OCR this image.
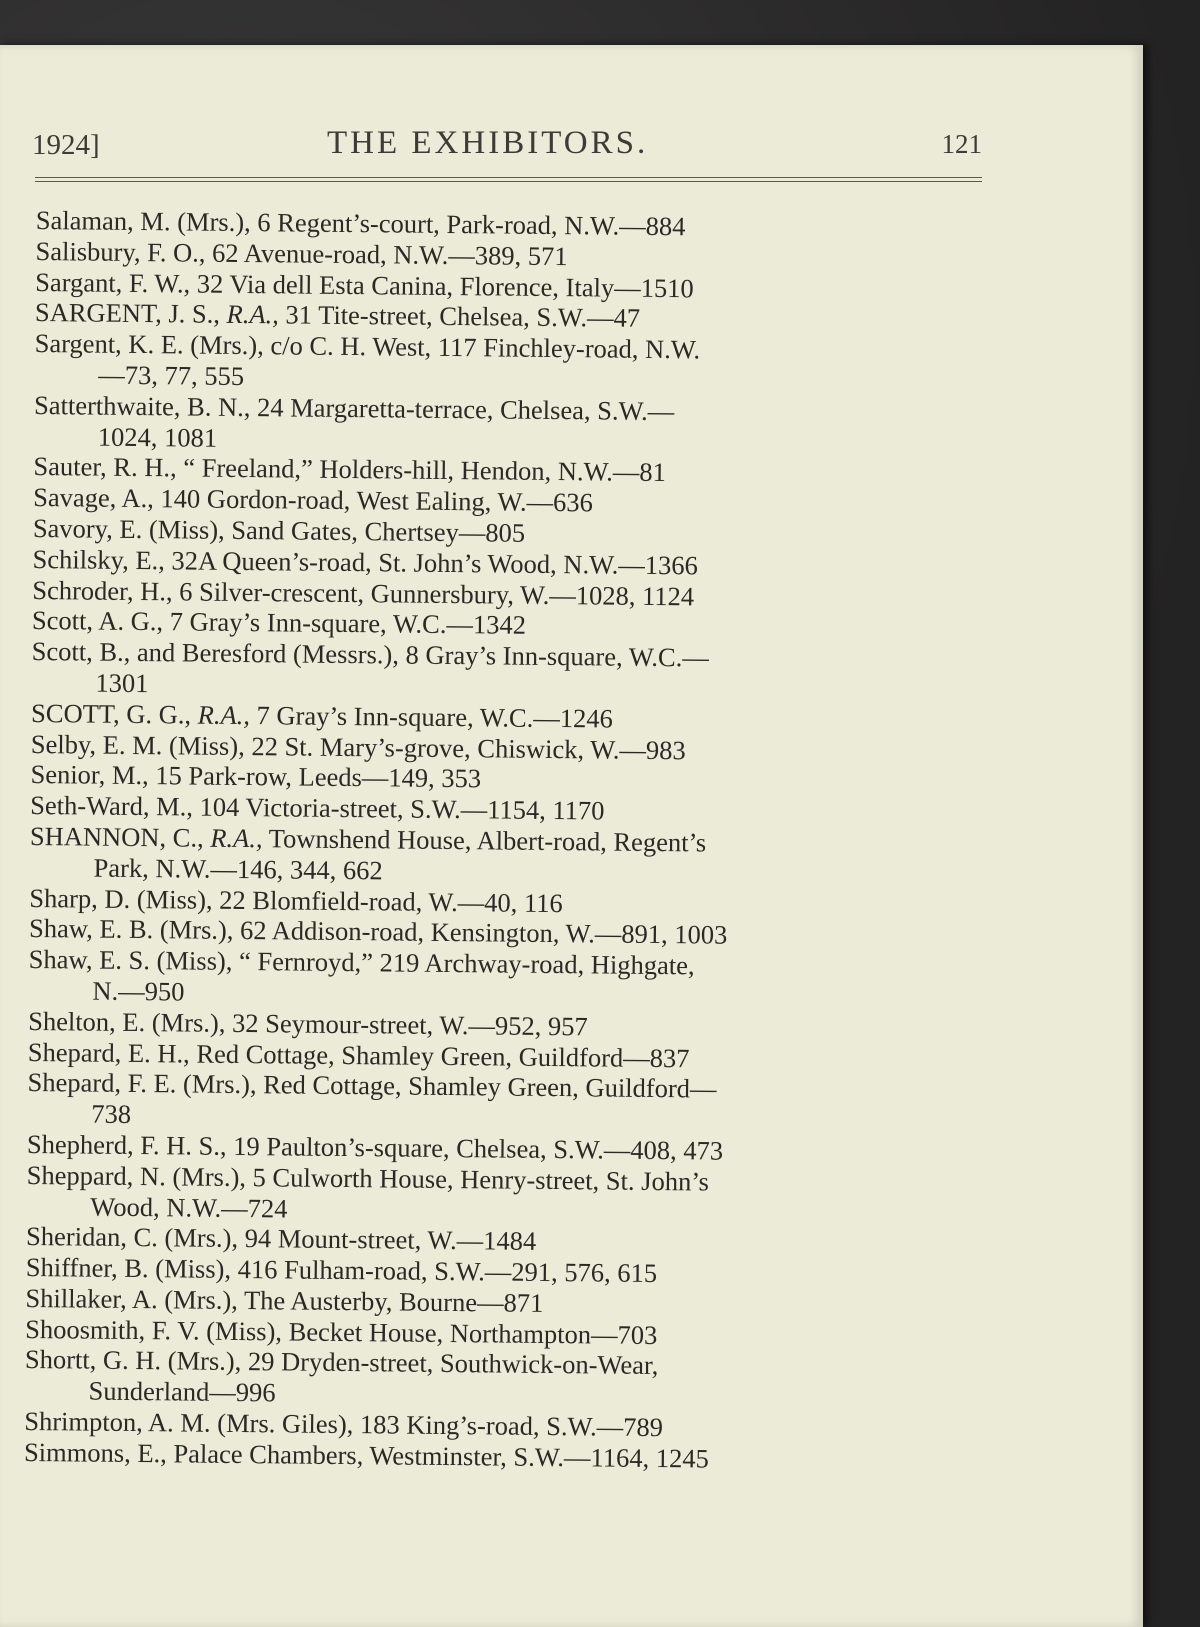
1924]	THE EXHIBITORS.	121
Salaman, M. (Mrs.), 6 Regent’s-court, Park-road, N.W.—884
Salisbury, F. O., 62 Avenue-road, N.W.—389, 571
Sargant, F. W., 32 Via dell Esta Canina, Florence, Italy—1510
SARGENT, J. S., R.A., 31 Tite-street, Chelsea, S.W.—47
Sargent, K. E. (Mrs.), c/o C. H. West, 117 Finchley-road, N.W.
—73, 77, 555
Satterthwaite, B. N., 24 Margaretta-terrace, Chelsea, S.W.—
1024, 1081
Sauter, R. H., “ Freeland,” Holders-hill, Hendon, N.W.—81
Savage, A., 140 Gordon-road, West Ealing, W.—636
Savory, E. (Miss), Sand Gates, Chertsey—805
Schilsky, E., 32A Queen’s-road, St. John’s Wood, N.W.—1366
Schroder, H., 6 Silver-crescent, Gunnersbury, W.—1028, 1124
Scott, A. G., 7 Gray’s Inn-square, W.C.—1342
Scott, B., and Beresford (Messrs.), 8 Gray’s Inn-square, W.C.—
1301
SCOTT, G. G., R.A., 7 Gray’s Inn-square, W.C.—1246
Selby, E. M. (Miss), 22 St. Mary’s-grove, Chiswick, W.—983
Senior, M., 15 Park-row, Leeds—149, 353
Seth-Ward, M., 104 Victoria-street, S.W.—1154, 1170
SHANNON, C., R.A., Townshend House, Albert-road, Regent’s
Park, N.W.—146, 344, 662
Sharp, D. (Miss), 22 Blomfield-road, W.—40, 116
Shaw, E. B. (Mrs.), 62 Addison-road, Kensington, W.—891, 1003
Shaw, E. S. (Miss), “ Fernroyd,” 219 Archway-road, Highgate,
N.—950
Shelton, E. (Mrs.), 32 Seymour-street, W.—952, 957
Shepard, E. H., Red Cottage, Shamley Green, Guildford—837
Shepard, F. E. (Mrs.), Red Cottage, Shamley Green, Guildford—
738
Shepherd, F. H. S., 19 Paulton’s-square, Chelsea, S.W.—408, 473
Sheppard, N. (Mrs.), 5 Culworth House, Henry-street, St. John’s
Wood, N.W.—724
Sheridan, C. (Mrs.), 94 Mount-street, W.—1484
Shiffner, B. (Miss), 416 Fulham-road, S.W.—291, 576, 615
Shillaker, A. (Mrs.), The Austerby, Bourne—871
Shoosmith, F. V. (Miss), Becket House, Northampton—703
Shortt, G. H. (Mrs.), 29 Dryden-street, Southwick-on-Wear,
Sunderland—996
Shrimpton, A. M. (Mrs. Giles), 183 King’s-road, S.W.—789
Simmons, E., Palace Chambers, Westminster, S.W.—1164, 1245
